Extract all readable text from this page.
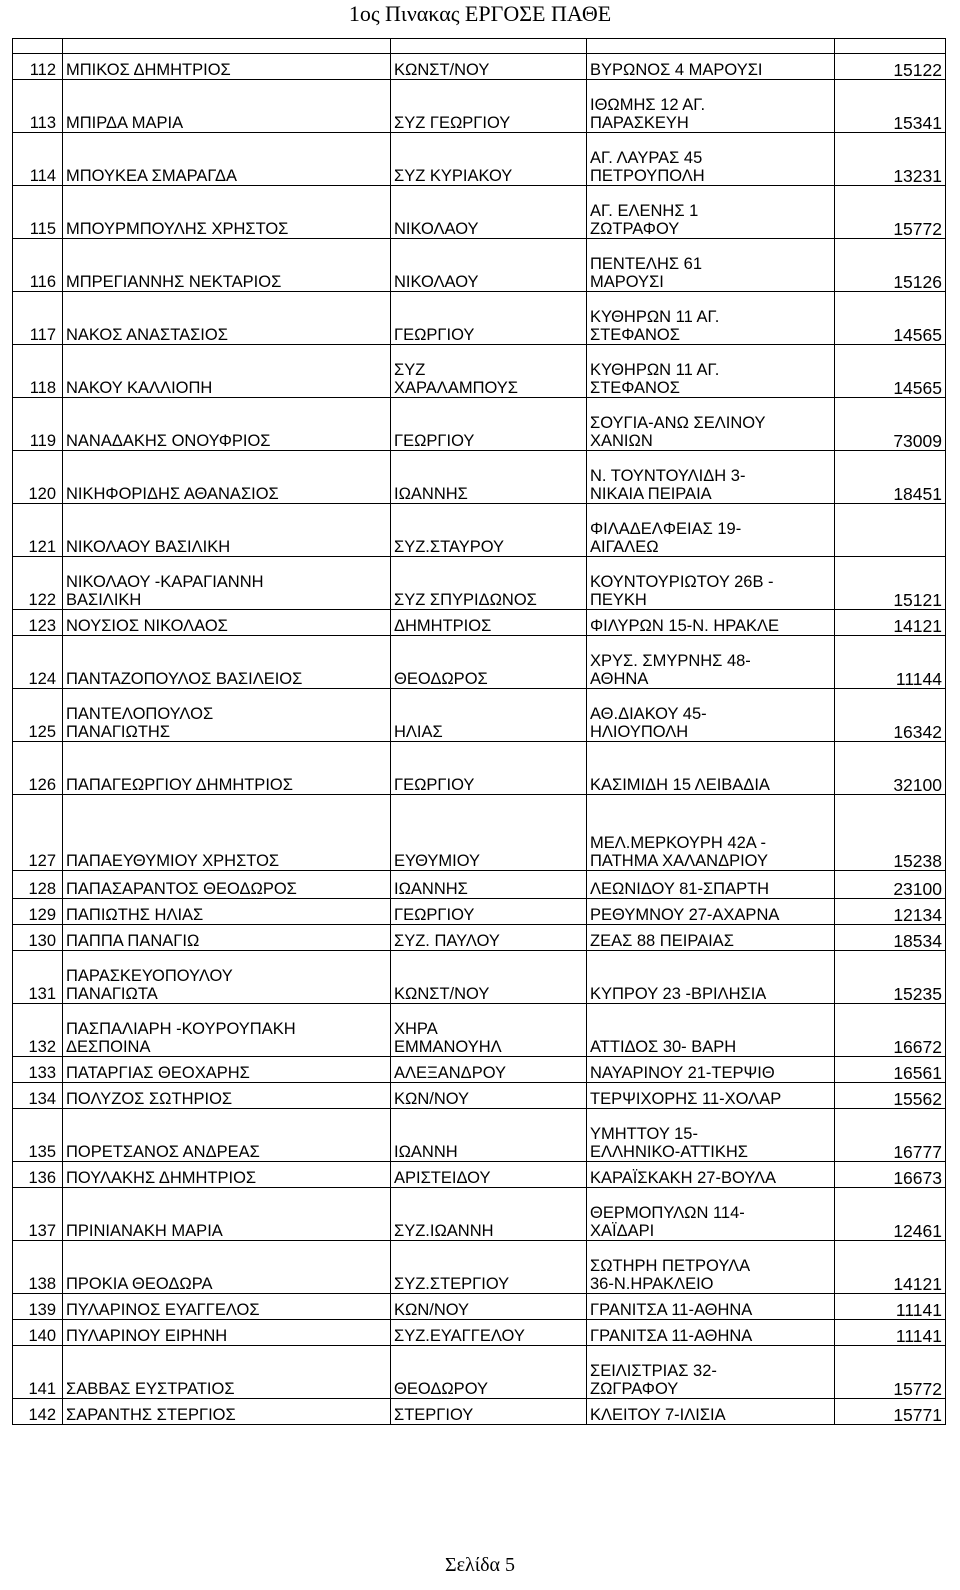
1ος Πινακας ΕΡΓΟΣΕ ΠΑΘΕ

112	ΜΠΙΚΟΣ ΔΗΜΗΤΡΙΟΣ	ΚΩΝΣΤ/ΝΟΥ	ΒΥΡΩΝΟΣ 4 ΜΑΡΟΥΣΙ	15122
113	ΜΠΙΡΔΑ ΜΑΡΙΑ	ΣΥΖ ΓΕΩΡΓΙΟΥ	ΙΘΩΜΗΣ 12 ΑΓ.
ΠΑΡΑΣΚΕΥΗ	15341
114	ΜΠΟΥΚΕΑ ΣΜΑΡΑΓΔΑ	ΣΥΖ ΚΥΡΙΑΚΟΥ	ΑΓ. ΛΑΥΡΑΣ 45
ΠΕΤΡΟΥΠΟΛΗ	13231
115	ΜΠΟΥΡΜΠΟΥΛΗΣ ΧΡΗΣΤΟΣ	ΝΙΚΟΛΑΟΥ	ΑΓ. ΕΛΕΝΗΣ 1
ΖΩΤΡΑΦΟΥ	15772
116	ΜΠΡΕΓΙΑΝΝΗΣ ΝΕΚΤΑΡΙΟΣ	ΝΙΚΟΛΑΟΥ	ΠΕΝΤΕΛΗΣ 61
ΜΑΡΟΥΣΙ	15126
117	ΝΑΚΟΣ ΑΝΑΣΤΑΣΙΟΣ	ΓΕΩΡΓΙΟΥ	ΚΥΘΗΡΩΝ 11 ΑΓ.
ΣΤΕΦΑΝΟΣ	14565
118	ΝΑΚΟΥ ΚΑΛΛΙΟΠΗ	ΣΥΖ
ΧΑΡΑΛΑΜΠΟΥΣ	ΚΥΘΗΡΩΝ 11 ΑΓ.
ΣΤΕΦΑΝΟΣ	14565
119	ΝΑΝΑΔΑΚΗΣ ΟΝΟΥΦΡΙΟΣ	ΓΕΩΡΓΙΟΥ	ΣΟΥΓΙΑ-ΑΝΩ ΣΕΛΙΝΟΥ
ΧΑΝΙΩΝ	73009
120	ΝΙΚΗΦΟΡΙΔΗΣ ΑΘΑΝΑΣΙΟΣ	ΙΩΑΝΝΗΣ	Ν. ΤΟΥΝΤΟΥΛΙΔΗ 3-
ΝΙΚΑΙΑ ΠΕΙΡΑΙΑ	18451
121	ΝΙΚΟΛΑΟΥ ΒΑΣΙΛΙΚΗ	ΣΥΖ.ΣΤΑΥΡΟΥ	ΦΙΛΑΔΕΛΦΕΙΑΣ 19-
ΑΙΓΑΛΕΩ	
122	ΝΙΚΟΛΑΟΥ -ΚΑΡΑΓΙΑΝΝΗ
ΒΑΣΙΛΙΚΗ	ΣΥΖ ΣΠΥΡΙΔΩΝΟΣ	ΚΟΥΝΤΟΥΡΙΩΤΟΥ 26Β -
ΠΕΥΚΗ	15121
123	ΝΟΥΣΙΟΣ ΝΙΚΟΛΑΟΣ	ΔΗΜΗΤΡΙΟΣ	ΦΙΛΥΡΩΝ 15-Ν. ΗΡΑΚΛΕ	14121
124	ΠΑΝΤΑΖΟΠΟΥΛΟΣ ΒΑΣΙΛΕΙΟΣ	ΘΕΟΔΩΡΟΣ	ΧΡΥΣ. ΣΜΥΡΝΗΣ 48-
ΑΘΗΝΑ	11144
125	ΠΑΝΤΕΛΟΠΟΥΛΟΣ
ΠΑΝΑΓΙΩΤΗΣ	ΗΛΙΑΣ	ΑΘ.ΔΙΑΚΟΥ 45-
ΗΛΙΟΥΠΟΛΗ	16342
126	ΠΑΠΑΓΕΩΡΓΙΟΥ ΔΗΜΗΤΡΙΟΣ	ΓΕΩΡΓΙΟΥ	ΚΑΣΙΜΙΔΗ 15 ΛΕΙΒΑΔΙΑ	32100
127	ΠΑΠΑΕΥΘΥΜΙΟΥ ΧΡΗΣΤΟΣ	ΕΥΘΥΜΙΟΥ	ΜΕΛ.ΜΕΡΚΟΥΡΗ 42Α -
ΠΑΤΗΜΑ ΧΑΛΑΝΔΡΙΟΥ	15238
128	ΠΑΠΑΣΑΡΑΝΤΟΣ ΘΕΟΔΩΡΟΣ	ΙΩΑΝΝΗΣ	ΛΕΩΝΙΔΟΥ 81-ΣΠΑΡΤΗ	23100
129	ΠΑΠΙΩΤΗΣ ΗΛΙΑΣ	ΓΕΩΡΓΙΟΥ	ΡΕΘΥΜΝΟΥ 27-ΑΧΑΡΝΑ	12134
130	ΠΑΠΠΑ ΠΑΝΑΓΙΩ	ΣΥΖ. ΠΑΥΛΟΥ	ΖΕΑΣ 88 ΠΕΙΡΑΙΑΣ	18534
131	ΠΑΡΑΣΚΕΥΟΠΟΥΛΟΥ
ΠΑΝΑΓΙΩΤΑ	ΚΩΝΣΤ/ΝΟΥ	ΚΥΠΡΟΥ 23 -ΒΡΙΛΗΣΙΑ	15235
132	ΠΑΣΠΑΛΙΑΡΗ -ΚΟΥΡΟΥΠΑΚΗ
ΔΕΣΠΟΙΝΑ	ΧΗΡΑ
ΕΜΜΑΝΟΥΗΛ	ΑΤΤΙΔΟΣ 30- ΒΑΡΗ	16672
133	ΠΑΤΑΡΓΙΑΣ ΘΕΟΧΑΡΗΣ	ΑΛΕΞΑΝΔΡΟΥ	ΝΑΥΑΡΙΝΟΥ 21-ΤΕΡΨΙΘ	16561
134	ΠΟΛΥΖΟΣ ΣΩΤΗΡΙΟΣ	ΚΩΝ/ΝΟΥ	ΤΕΡΨΙΧΟΡΗΣ 11-ΧΟΛΑΡ	15562
135	ΠΟΡΕΤΣΑΝΟΣ ΑΝΔΡΕΑΣ	ΙΩΑΝΝΗ	ΥΜΗΤΤΟΥ 15-
ΕΛΛΗΝΙΚΟ-ΑΤΤΙΚΗΣ	16777
136	ΠΟΥΛΑΚΗΣ ΔΗΜΗΤΡΙΟΣ	ΑΡΙΣΤΕΙΔΟΥ	ΚΑΡΑΪΣΚΑΚΗ 27-ΒΟΥΛΑ	16673
137	ΠΡΙΝΙΑΝΑΚΗ ΜΑΡΙΑ	ΣΥΖ.ΙΩΑΝΝΗ	ΘΕΡΜΟΠΥΛΩΝ 114-
ΧΑΪΔΑΡΙ	12461
138	ΠΡΟΚΙΑ ΘΕΟΔΩΡΑ	ΣΥΖ.ΣΤΕΡΓΙΟΥ	ΣΩΤΗΡΗ ΠΕΤΡΟΥΛΑ
36-Ν.ΗΡΑΚΛΕΙΟ	14121
139	ΠΥΛΑΡΙΝΟΣ ΕΥΑΓΓΕΛΟΣ	ΚΩΝ/ΝΟΥ	ΓΡΑΝΙΤΣΑ 11-ΑΘΗΝΑ	11141
140	ΠΥΛΑΡΙΝΟΥ ΕΙΡΗΝΗ	ΣΥΖ.ΕΥΑΓΓΕΛΟΥ	ΓΡΑΝΙΤΣΑ 11-ΑΘΗΝΑ	11141
141	ΣΑΒΒΑΣ ΕΥΣΤΡΑΤΙΟΣ	ΘΕΟΔΩΡΟΥ	ΣΕΙΛΙΣΤΡΙΑΣ 32-
ΖΩΓΡΑΦΟΥ	15772
142	ΣΑΡΑΝΤΗΣ ΣΤΕΡΓΙΟΣ	ΣΤΕΡΓΙΟΥ	ΚΛΕΙΤΟΥ 7-ΙΛΙΣΙΑ	15771
Σελίδα 5
